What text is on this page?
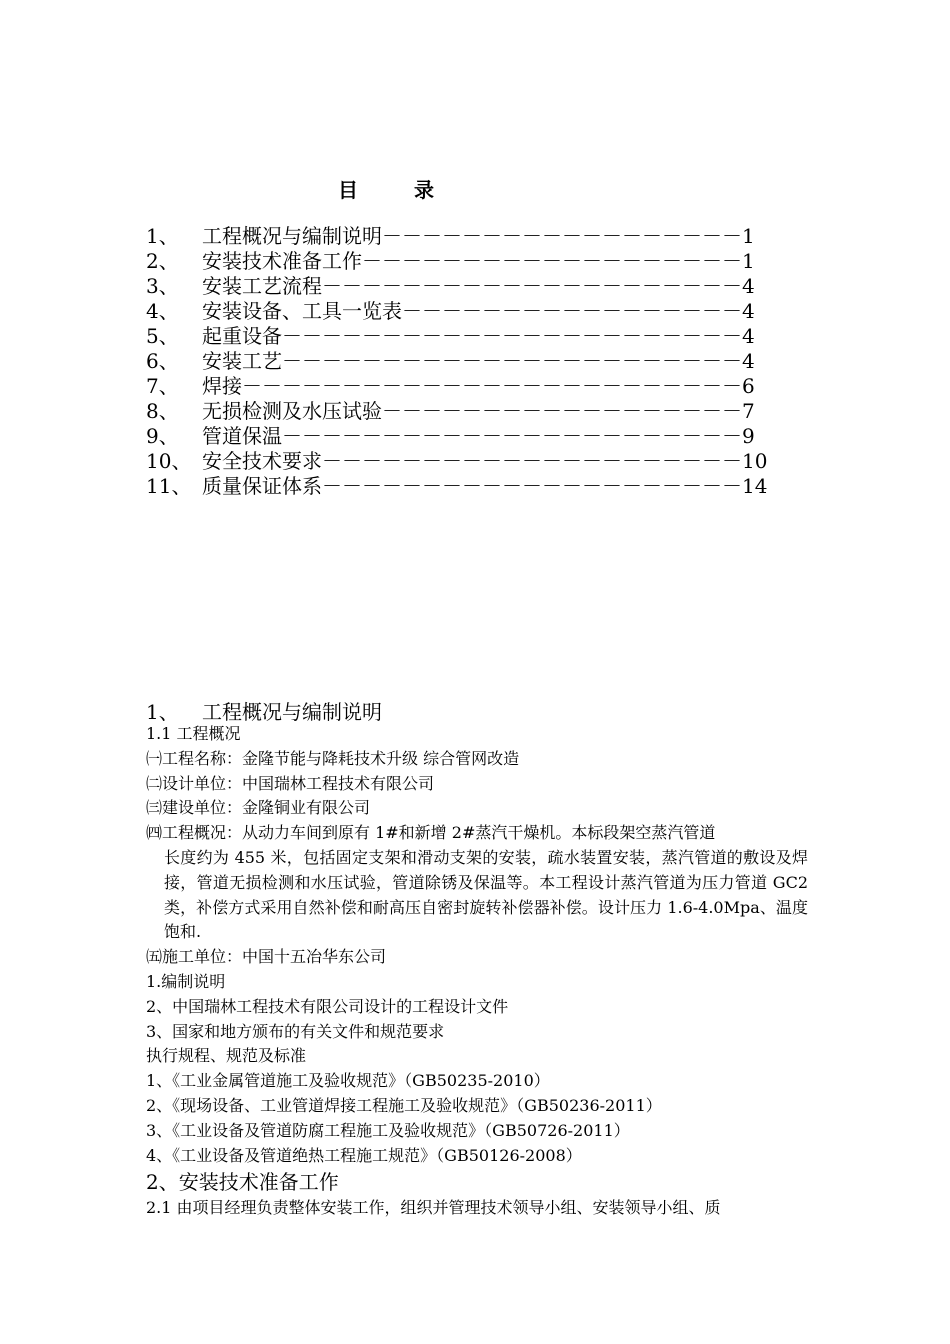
目　录
1、	工程概况与编制说明 －－－－－－－－－－－－－－－－－－ 1
2、	安装技术准备工作 －－－－－－－－－－－－－－－－－－－ 1
3、	安装工艺流程 －－－－－－－－－－－－－－－－－－－－－ 4
4、	安装设备、工具一览表 －－－－－－－－－－－－－－－－－ 4
5、	起重设备 －－－－－－－－－－－－－－－－－－－－－－－ 4
6、	安装工艺 －－－－－－－－－－－－－－－－－－－－－－－ 4
7、	焊接 －－－－－－－－－－－－－－－－－－－－－－－－－ 6
8、	无损检测及水压试验 －－－－－－－－－－－－－－－－－－ 7
9、	管道保温 －－－－－－－－－－－－－－－－－－－－－－－ 9
10、 安全技术要求 －－－－－－－－－－－－－－－－－－－－－ 10
11、 质量保证体系 －－－－－－－－－－－－－－－－－－－－－ 14
1、 工程概况与编制说明
1.1 工程概况
㈠工程名称：金隆节能与降耗技术升级 综合管网改造
㈡设计单位：中国瑞林工程技术有限公司
㈢建设单位：金隆铜业有限公司
㈣工程概况：从动力车间到原有 1#和新增 2#蒸汽干燥机。本标段架空蒸汽管道
长度约为 455 米，包括固定支架和滑动支架的安装，疏水装置安装，蒸汽管道的敷设及焊接，管道无损检测和水压试验，管道除锈及保温等。本工程设计蒸汽管道为压力管道 GC2 类，补偿方式采用自然补偿和耐高压自密封旋转补偿器补偿。设计压力 1.6-4.0Mpa、温度饱和.
㈤施工单位：中国十五冶华东公司
1.编制说明
2、中国瑞林工程技术有限公司设计的工程设计文件
3、国家和地方颁布的有关文件和规范要求
执行规程、规范及标准
1、《工业金属管道施工及验收规范》（GB50235-2010）
2、《现场设备、工业管道焊接工程施工及验收规范》（GB50236-2011）
3、《工业设备及管道防腐工程施工及验收规范》（GB50726-2011）
4、《工业设备及管道绝热工程施工规范》（GB50126-2008）
2、安装技术准备工作
2.1 由项目经理负责整体安装工作，组织并管理技术领导小组、安装领导小组、质
